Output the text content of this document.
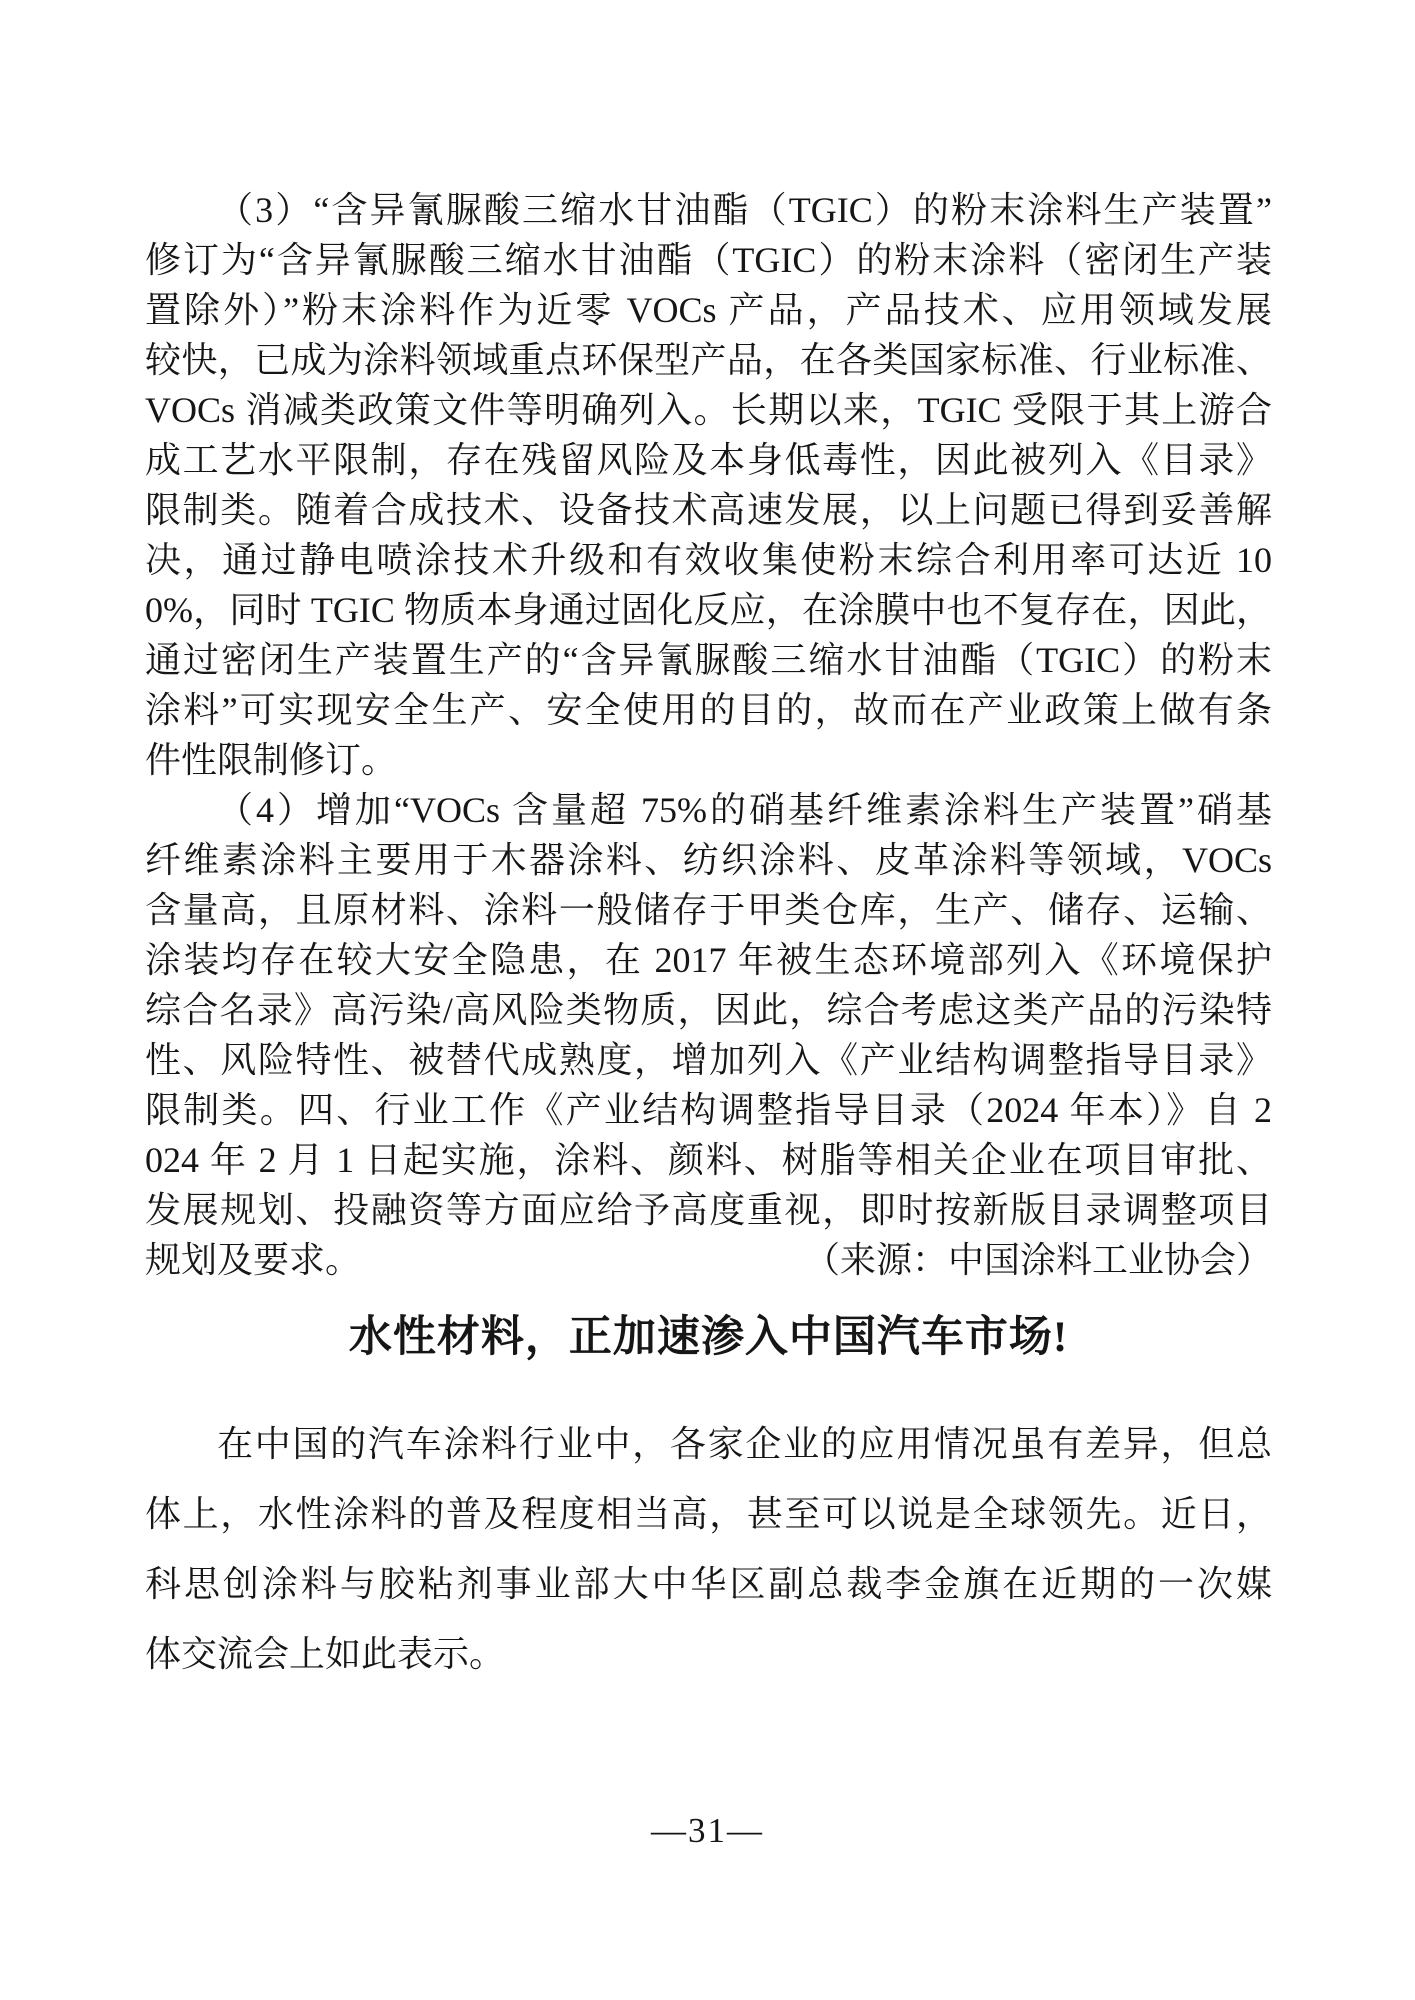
（3）“含异氰脲酸三缩水甘油酯（TGIC）的粉末涂料生产装置”
修订为“含异氰脲酸三缩水甘油酯（TGIC）的粉末涂料（密闭生产装
置除外）”粉末涂料作为近零 VOCs 产品，产品技术、应用领域发展
较快，已成为涂料领域重点环保型产品，在各类国家标准、行业标准、
VOCs 消减类政策文件等明确列入。长期以来，TGIC 受限于其上游合
成工艺水平限制，存在残留风险及本身低毒性，因此被列入《目录》
限制类。随着合成技术、设备技术高速发展，以上问题已得到妥善解
决，通过静电喷涂技术升级和有效收集使粉末综合利用率可达近 10
0%，同时 TGIC 物质本身通过固化反应，在涂膜中也不复存在，因此，
通过密闭生产装置生产的“含异氰脲酸三缩水甘油酯（TGIC）的粉末
涂料”可实现安全生产、安全使用的目的，故而在产业政策上做有条
件性限制修订。
（4）增加“VOCs 含量超 75%的硝基纤维素涂料生产装置”硝基
纤维素涂料主要用于木器涂料、纺织涂料、皮革涂料等领域，VOCs
含量高，且原材料、涂料一般储存于甲类仓库，生产、储存、运输、
涂装均存在较大安全隐患，在 2017 年被生态环境部列入《环境保护
综合名录》高污染/高风险类物质，因此，综合考虑这类产品的污染特
性、风险特性、被替代成熟度，增加列入《产业结构调整指导目录》
限制类。四、行业工作《产业结构调整指导目录（2024 年本）》自 2
024 年 2 月 1 日起实施，涂料、颜料、树脂等相关企业在项目审批、
发展规划、投融资等方面应给予高度重视，即时按新版目录调整项目
规划及要求。	（来源：中国涂料工业协会）
水性材料，正加速渗入中国汽车市场!
在中国的汽车涂料行业中，各家企业的应用情况虽有差异，但总
体上，水性涂料的普及程度相当高，甚至可以说是全球领先。近日，
科思创涂料与胶粘剂事业部大中华区副总裁李金旗在近期的一次媒
体交流会上如此表示。
—31—
